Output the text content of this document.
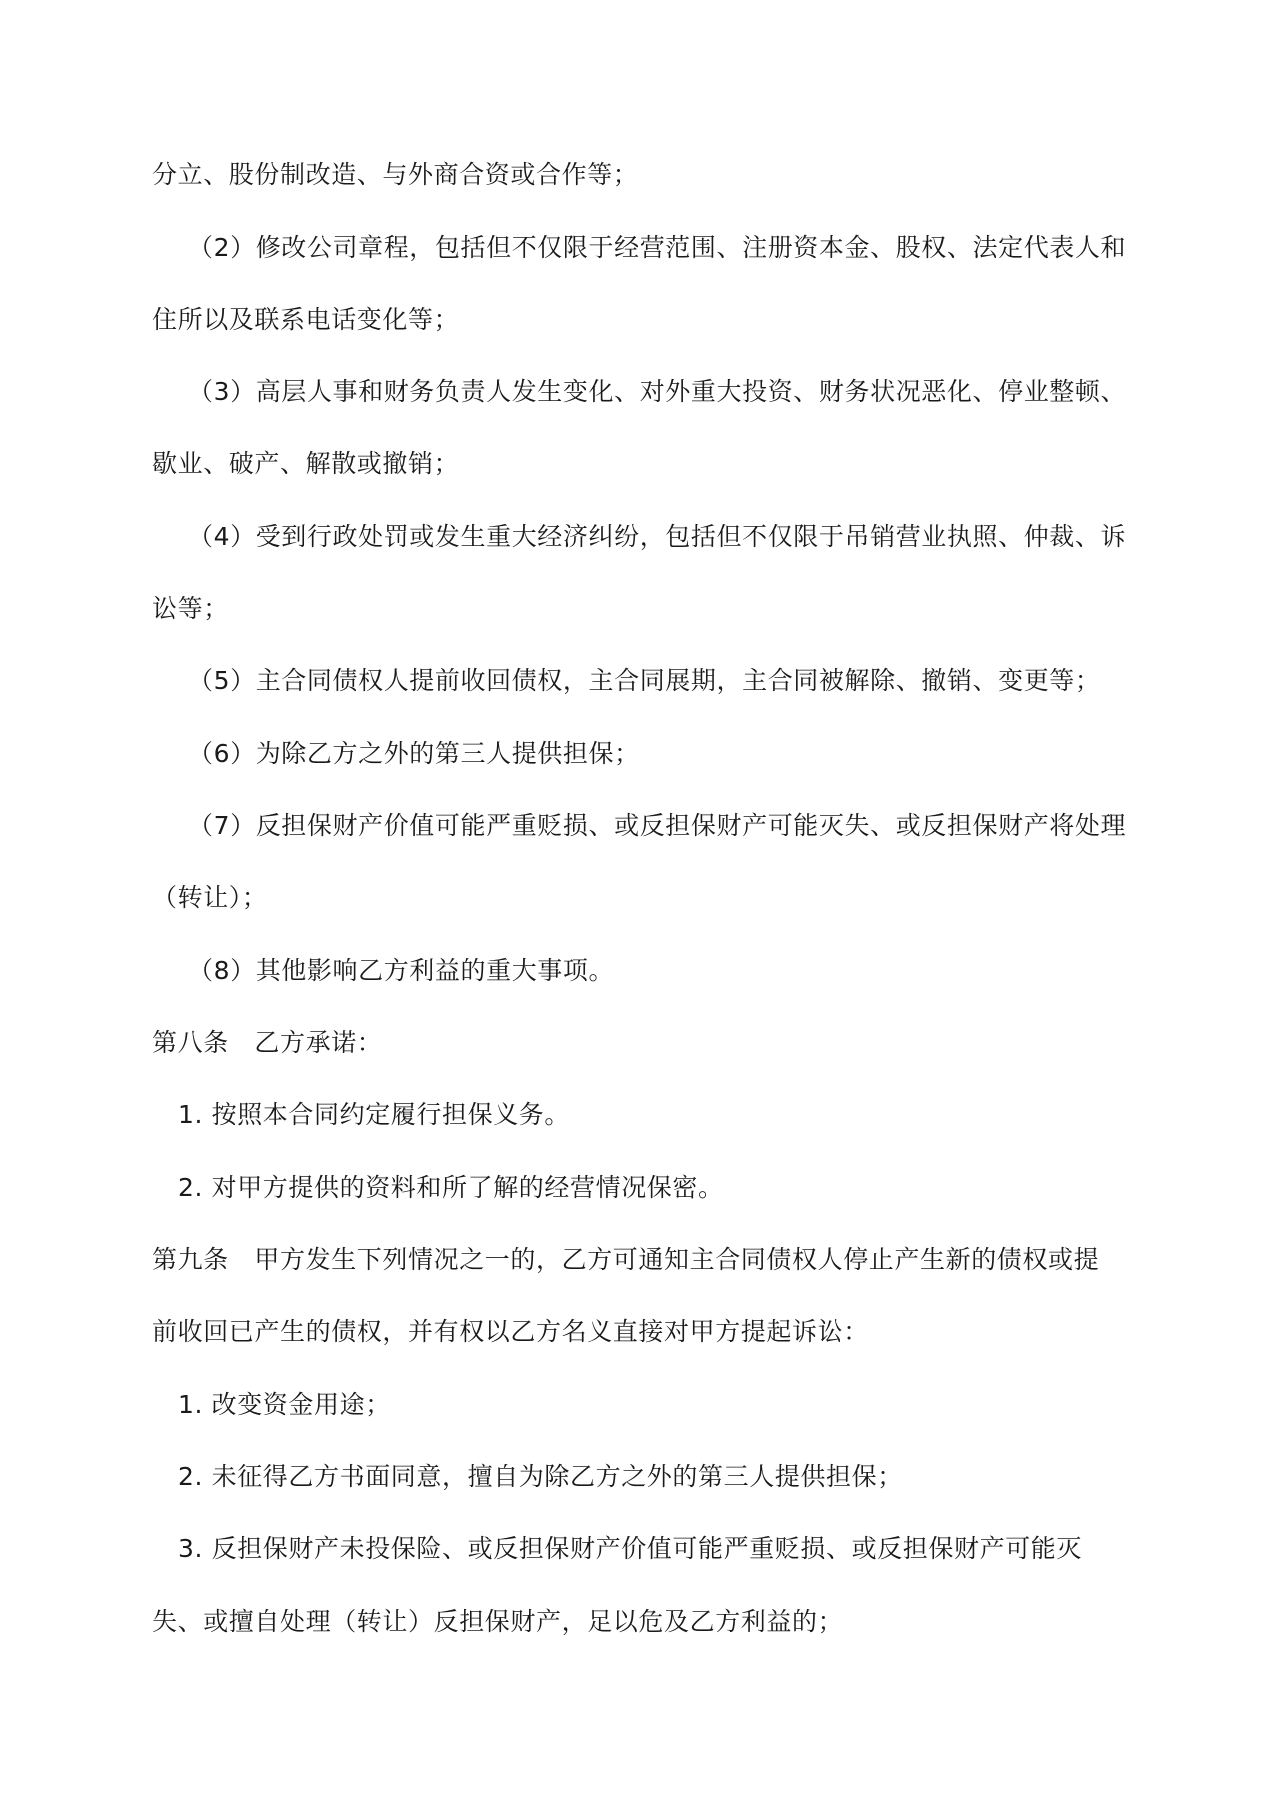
分立、股份制改造、与外商合资或合作等；
（2）修改公司章程，包括但不仅限于经营范围、注册资本金、股权、法定代表人和
住所以及联系电话变化等；
（3）高层人事和财务负责人发生变化、对外重大投资、财务状况恶化、停业整顿、
歇业、破产、解散或撤销；
（4）受到行政处罚或发生重大经济纠纷，包括但不仅限于吊销营业执照、仲裁、诉
讼等；
（5）主合同债权人提前收回债权，主合同展期，主合同被解除、撤销、变更等；
（6）为除乙方之外的第三人提供担保；
（7）反担保财产价值可能严重贬损、或反担保财产可能灭失、或反担保财产将处理
（转让）；
（8）其他影响乙方利益的重大事项。
第八条　乙方承诺：
1. 按照本合同约定履行担保义务。
2. 对甲方提供的资料和所了解的经营情况保密。
第九条　甲方发生下列情况之一的，乙方可通知主合同债权人停止产生新的债权或提
前收回已产生的债权，并有权以乙方名义直接对甲方提起诉讼：
1. 改变资金用途；
2. 未征得乙方书面同意，擅自为除乙方之外的第三人提供担保；
3. 反担保财产未投保险、或反担保财产价值可能严重贬损、或反担保财产可能灭
失、或擅自处理（转让）反担保财产，足以危及乙方利益的；
